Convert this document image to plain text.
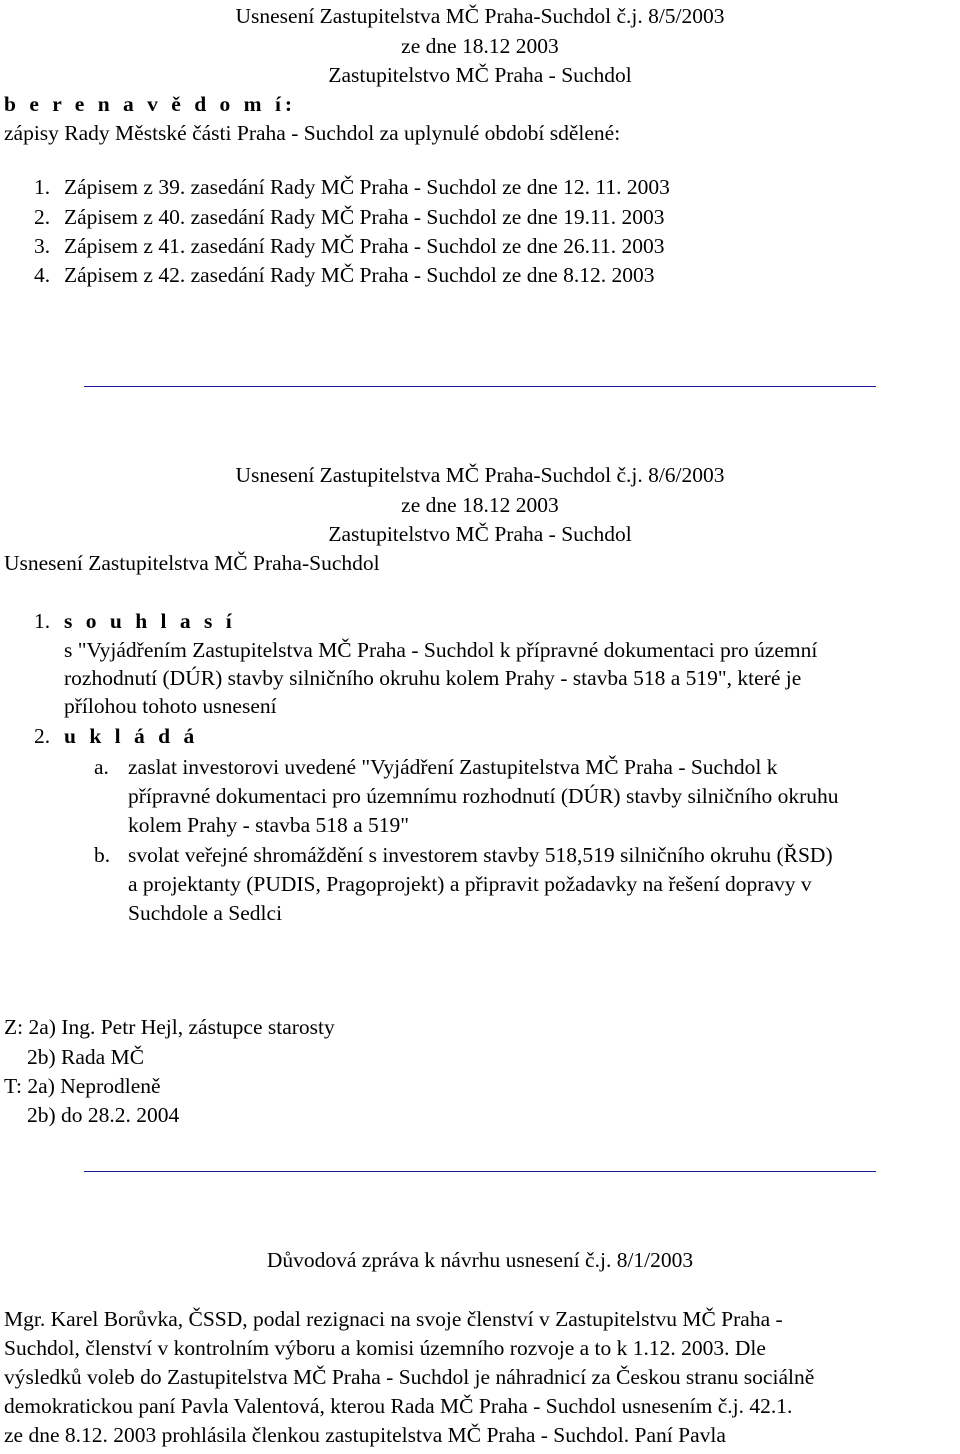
Usnesení Zastupitelstva MČ Praha-Suchdol č.j. 8/5/2003
ze dne 18.12 2003
Zastupitelstvo MČ Praha - Suchdol
b e r e n a v ě d o m í:
zápisy Rady Městské části Praha - Suchdol za uplynulé období sdělené:
1. Zápisem z 39. zasedání Rady MČ Praha - Suchdol ze dne 12. 11. 2003
2. Zápisem z 40. zasedání Rady MČ Praha - Suchdol ze dne 19.11. 2003
3. Zápisem z 41. zasedání Rady MČ Praha - Suchdol ze dne 26.11. 2003
4. Zápisem z 42. zasedání Rady MČ Praha - Suchdol ze dne 8.12. 2003
Usnesení Zastupitelstva MČ Praha-Suchdol č.j. 8/6/2003
ze dne 18.12 2003
Zastupitelstvo MČ Praha - Suchdol
Usnesení Zastupitelstva MČ Praha-Suchdol
1. s o u h l a s í
s "Vyjádřením Zastupitelstva MČ Praha - Suchdol k přípravné dokumentaci pro územní
rozhodnutí (DÚR) stavby silničního okruhu kolem Prahy - stavba 518 a 519", které je
přílohou tohoto usnesení
2. u k l á d á
a. zaslat investorovi uvedené "Vyjádření Zastupitelstva MČ Praha - Suchdol k
přípravné dokumentaci pro územnímu rozhodnutí (DÚR) stavby silničního okruhu
kolem Prahy - stavba 518 a 519"
b. svolat veřejné shromáždění s investorem stavby 518,519 silničního okruhu (ŘSD)
a projektanty (PUDIS, Pragoprojekt) a připravit požadavky na řešení dopravy v
Suchdole a Sedlci
Z: 2a) Ing. Petr Hejl, zástupce starosty
2b) Rada MČ
T: 2a) Neprodleně
2b) do 28.2. 2004
Důvodová zpráva k návrhu usnesení č.j. 8/1/2003
Mgr. Karel Borůvka, ČSSD, podal rezignaci na svoje členství v Zastupitelstvu MČ Praha -
Suchdol, členství v kontrolním výboru a komisi územního rozvoje a to k 1.12. 2003. Dle
výsledků voleb do Zastupitelstva MČ Praha - Suchdol je náhradnicí za Českou stranu sociálně
demokratickou paní Pavla Valentová, kterou Rada MČ Praha - Suchdol usnesením č.j. 42.1.
ze dne 8.12. 2003 prohlásila členkou zastupitelstva MČ Praha - Suchdol. Paní Pavla
